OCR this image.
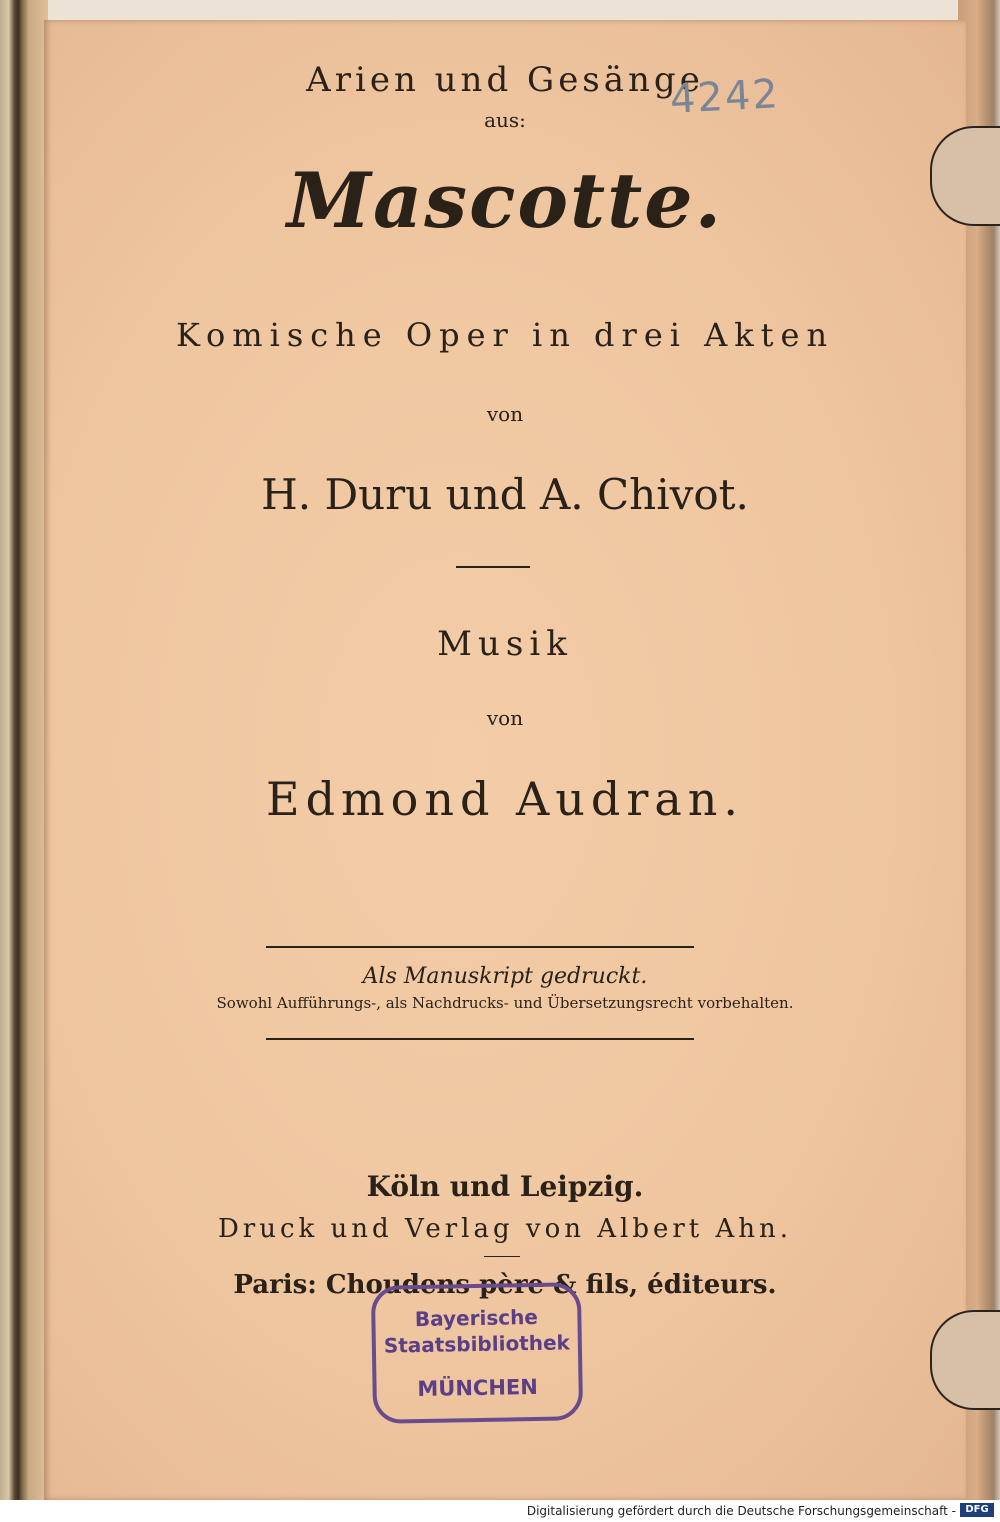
Arien und Gesänge
aus:
Mascotte.
Komische Oper in drei Akten
von
H. Duru und A. Chivot.
Musik
von
Edmond Audran.
Als Manuskript gedruckt.
Sowohl Aufführungs-, als Nachdrucks- und Übersetzungsrecht vorbehalten.
Köln und Leipzig.
Druck und Verlag von Albert Ahn.
Paris: Choudens père & fils, éditeurs.
4242
Bayerische
Staatsbibliothek
MÜNCHEN
Digitalisierung gefördert durch die Deutsche Forschungsgemeinschaft - DFG
